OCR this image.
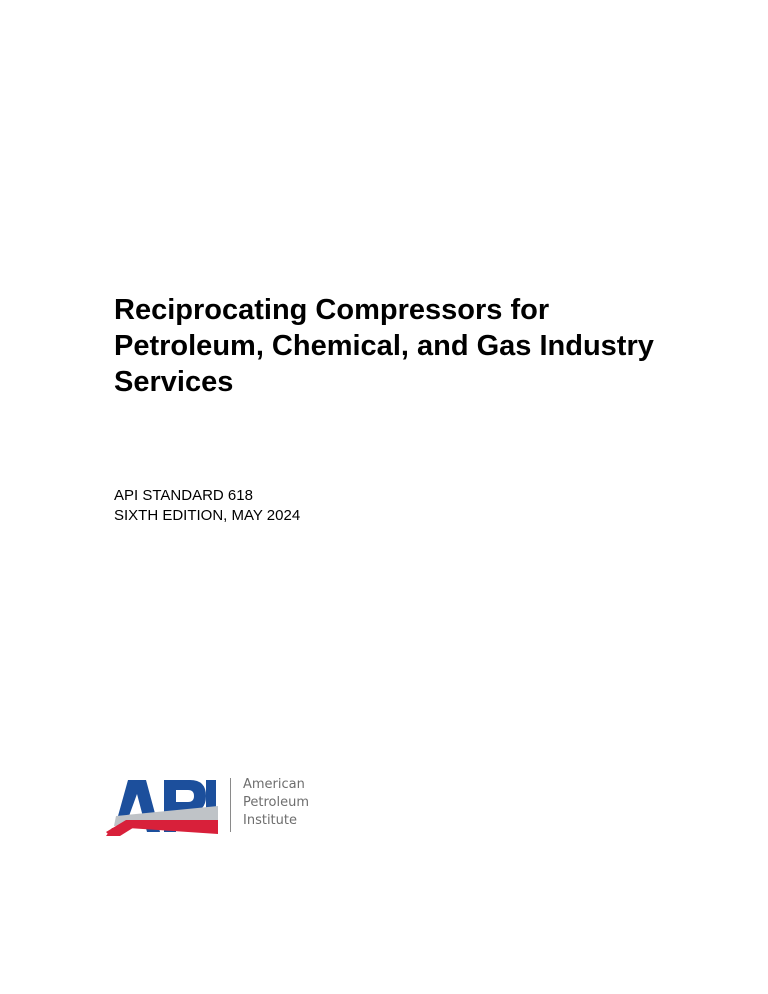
Reciprocating Compressors for
Petroleum, Chemical, and Gas Industry
Services
API STANDARD 618
SIXTH EDITION, MAY 2024
American
Petroleum
Institute
